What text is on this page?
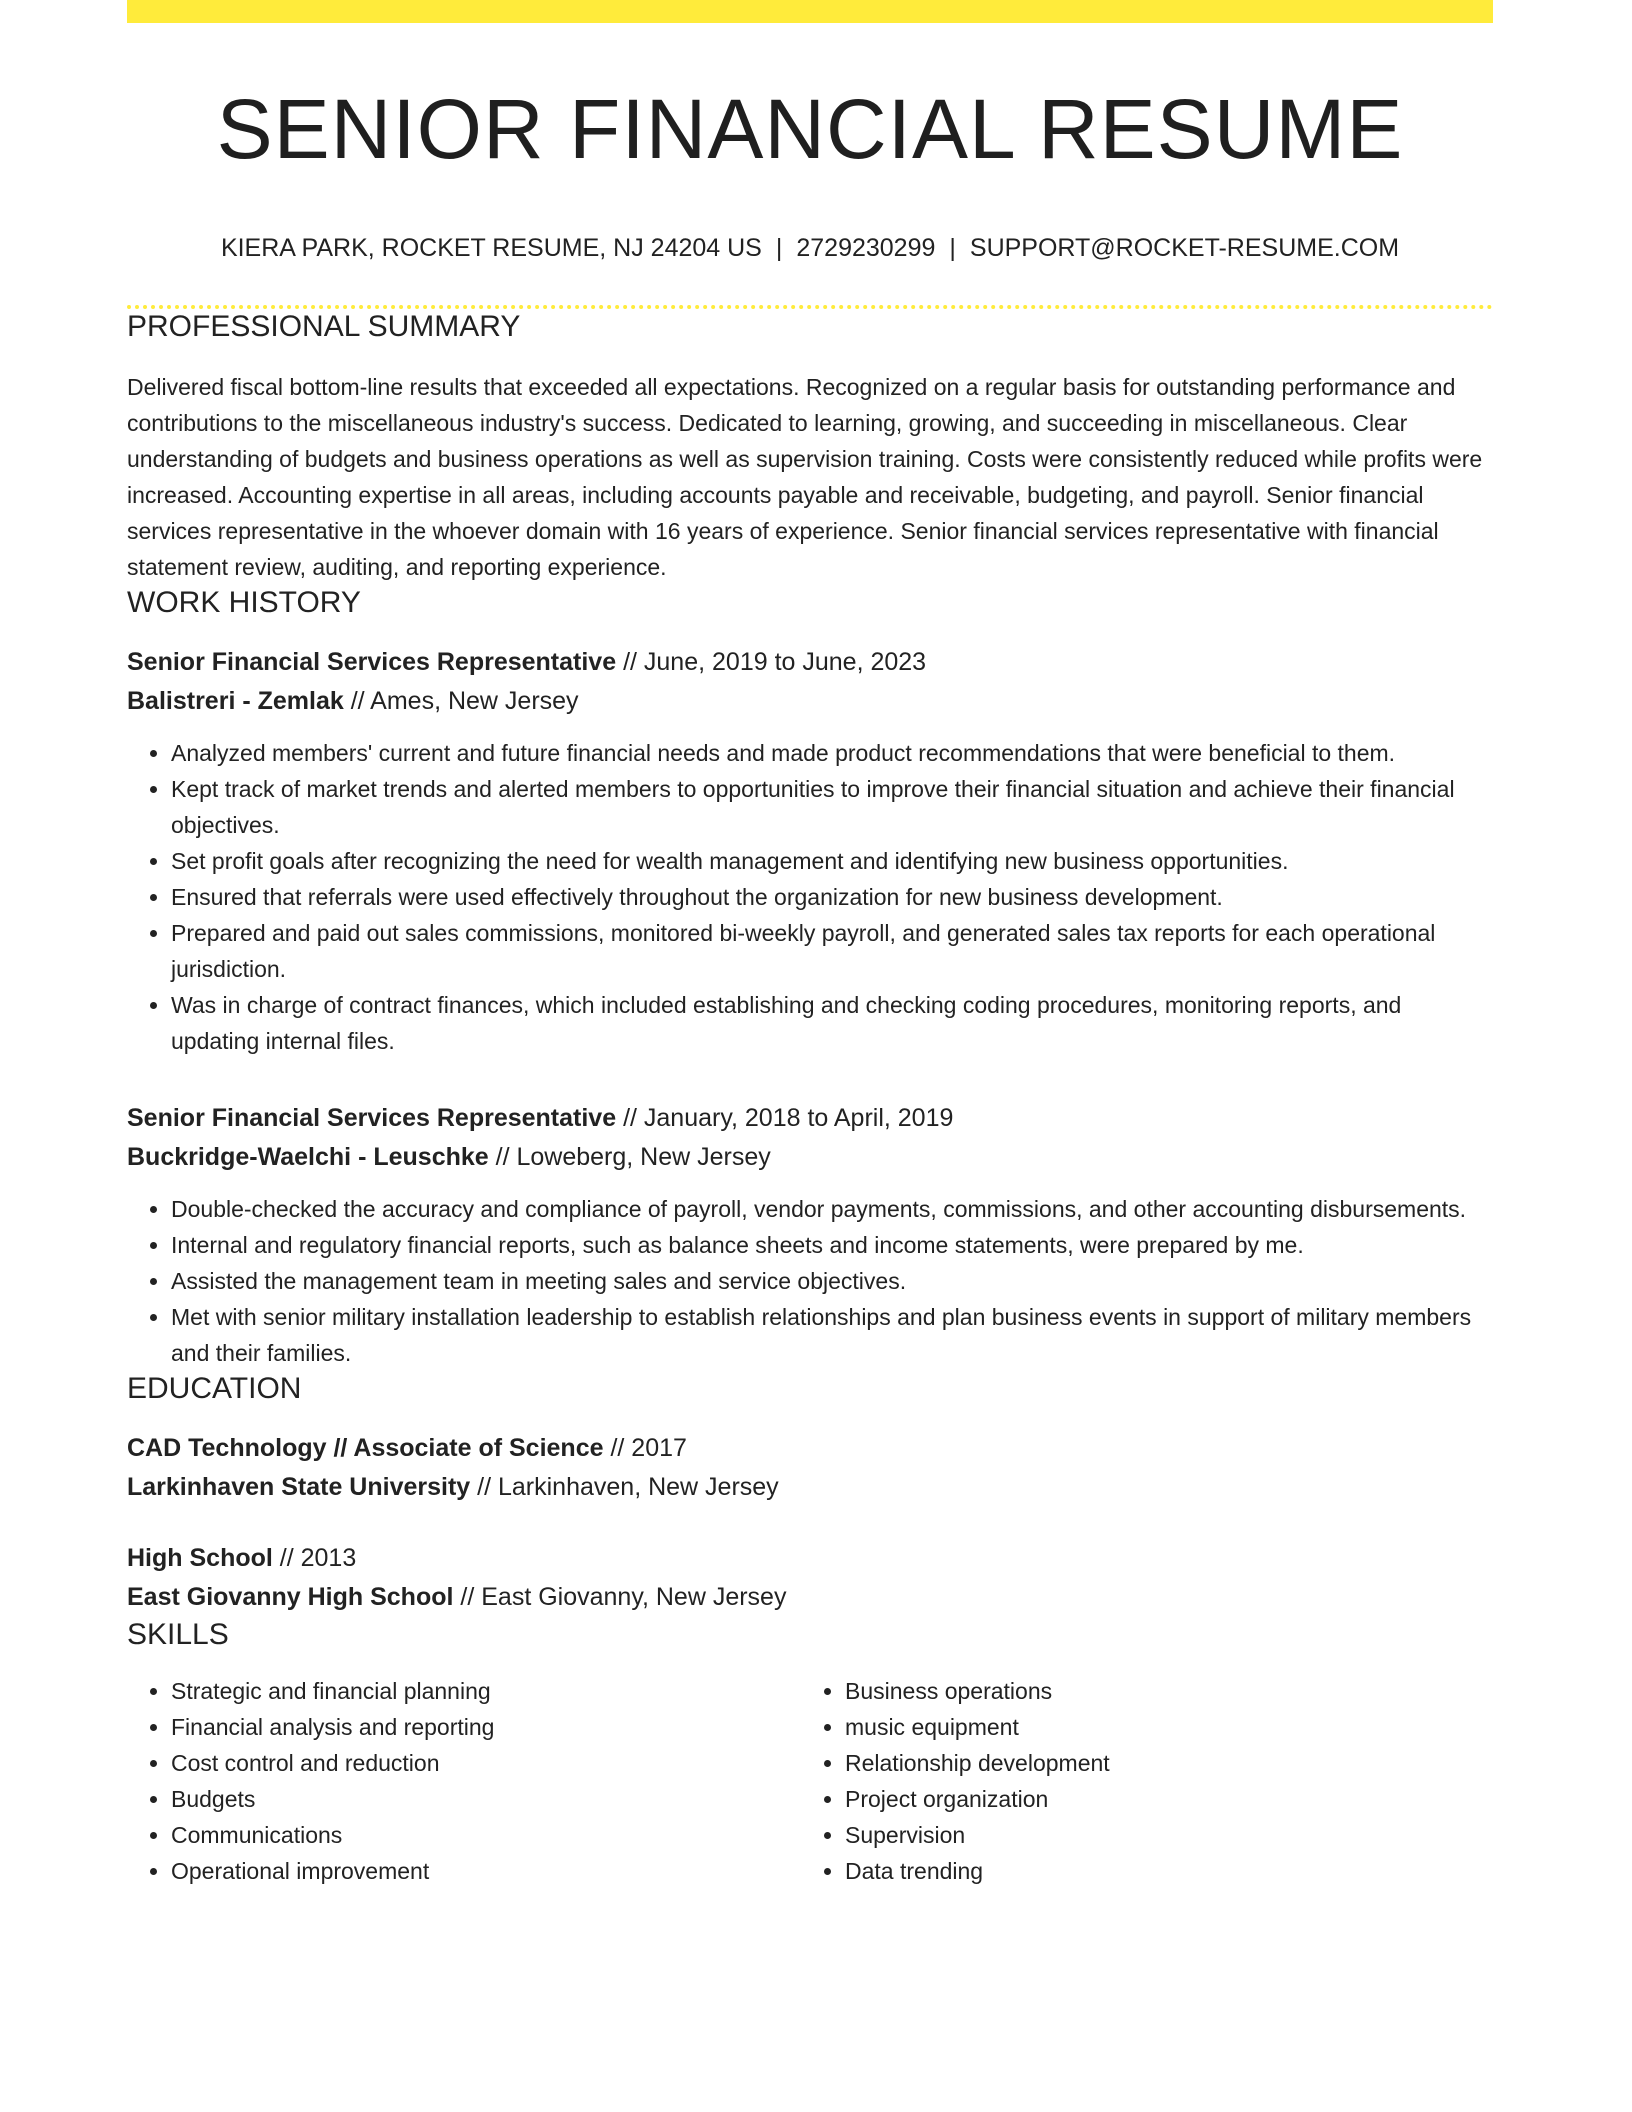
SENIOR FINANCIAL RESUME
KIERA PARK, ROCKET RESUME, NJ 24204 US | 2729230299 | SUPPORT@ROCKET-RESUME.COM
PROFESSIONAL SUMMARY
Delivered fiscal bottom-line results that exceeded all expectations. Recognized on a regular basis for outstanding performance and contributions to the miscellaneous industry's success. Dedicated to learning, growing, and succeeding in miscellaneous. Clear understanding of budgets and business operations as well as supervision training. Costs were consistently reduced while profits were increased. Accounting expertise in all areas, including accounts payable and receivable, budgeting, and payroll. Senior financial services representative in the whoever domain with 16 years of experience. Senior financial services representative with financial statement review, auditing, and reporting experience.
WORK HISTORY
Senior Financial Services Representative // June, 2019 to June, 2023
Balistreri - Zemlak // Ames, New Jersey
• Analyzed members' current and future financial needs and made product recommendations that were beneficial to them.
• Kept track of market trends and alerted members to opportunities to improve their financial situation and achieve their financial objectives.
• Set profit goals after recognizing the need for wealth management and identifying new business opportunities.
• Ensured that referrals were used effectively throughout the organization for new business development.
• Prepared and paid out sales commissions, monitored bi-weekly payroll, and generated sales tax reports for each operational jurisdiction.
• Was in charge of contract finances, which included establishing and checking coding procedures, monitoring reports, and updating internal files.
Senior Financial Services Representative // January, 2018 to April, 2019
Buckridge-Waelchi - Leuschke // Loweberg, New Jersey
• Double-checked the accuracy and compliance of payroll, vendor payments, commissions, and other accounting disbursements.
• Internal and regulatory financial reports, such as balance sheets and income statements, were prepared by me.
• Assisted the management team in meeting sales and service objectives.
• Met with senior military installation leadership to establish relationships and plan business events in support of military members and their families.
EDUCATION
CAD Technology // Associate of Science // 2017
Larkinhaven State University // Larkinhaven, New Jersey
High School // 2013
East Giovanny High School // East Giovanny, New Jersey
SKILLS
• Strategic and financial planning
• Financial analysis and reporting
• Cost control and reduction
• Budgets
• Communications
• Operational improvement
• Business operations
• music equipment
• Relationship development
• Project organization
• Supervision
• Data trending
